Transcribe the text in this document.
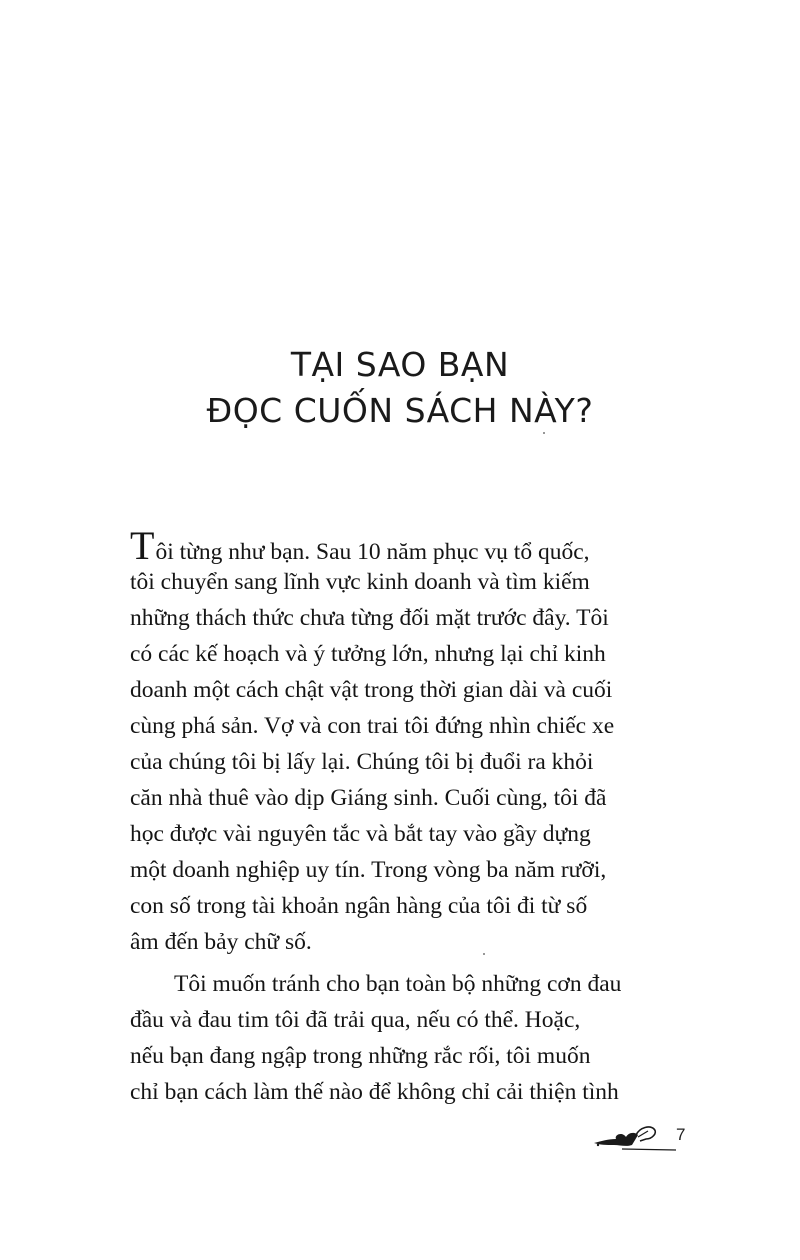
TẠI SAO BẠN
ĐỌC CUỐN SÁCH NÀY?
Tôi từng như bạn. Sau 10 năm phục vụ tổ quốc,
tôi chuyển sang lĩnh vực kinh doanh và tìm kiếm
những thách thức chưa từng đối mặt trước đây. Tôi
có các kế hoạch và ý tưởng lớn, nhưng lại chỉ kinh
doanh một cách chật vật trong thời gian dài và cuối
cùng phá sản. Vợ và con trai tôi đứng nhìn chiếc xe
của chúng tôi bị lấy lại. Chúng tôi bị đuổi ra khỏi
căn nhà thuê vào dịp Giáng sinh. Cuối cùng, tôi đã
học được vài nguyên tắc và bắt tay vào gầy dựng
một doanh nghiệp uy tín. Trong vòng ba năm rưỡi,
con số trong tài khoản ngân hàng của tôi đi từ số
âm đến bảy chữ số.
Tôi muốn tránh cho bạn toàn bộ những cơn đau
đầu và đau tim tôi đã trải qua, nếu có thể. Hoặc,
nếu bạn đang ngập trong những rắc rối, tôi muốn
chỉ bạn cách làm thế nào để không chỉ cải thiện tình
7
